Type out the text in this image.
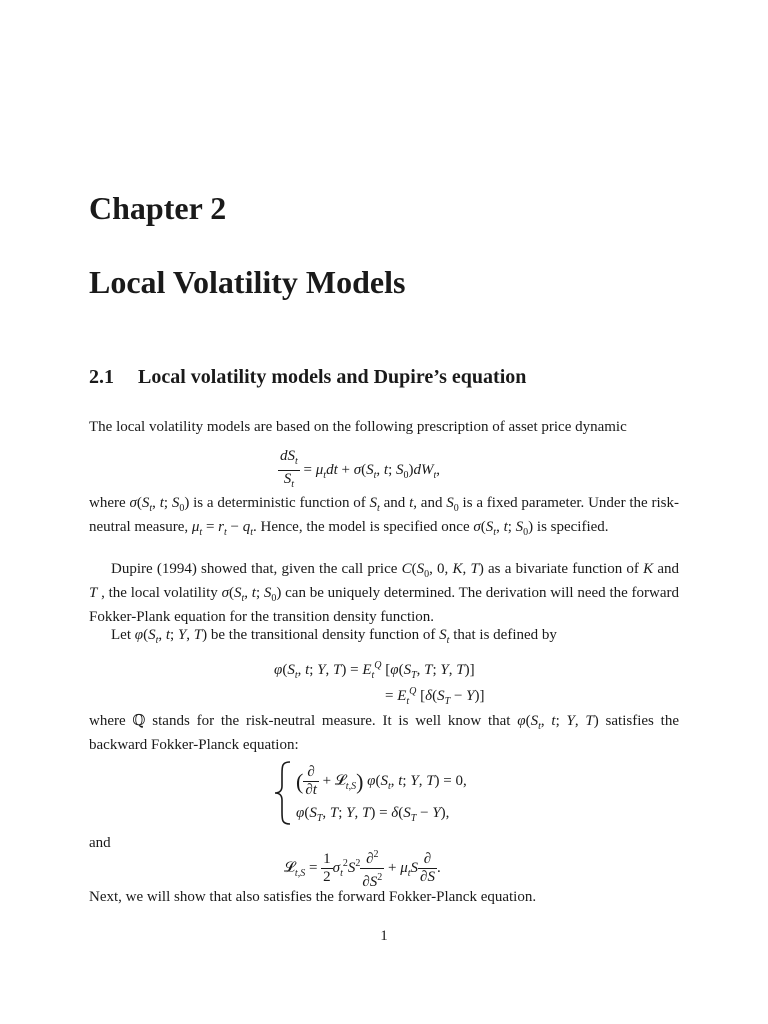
Chapter 2
Local Volatility Models
2.1 Local volatility models and Dupire’s equation

The local volatility models are based on the following prescription of asset price dynamic

$\frac{dS_t}{S_t} = \mu_tdt + \sigma(S_t$, t; $S_0)dW_t$,

where $\sigma(S_t$, t; $S_0$) is a deterministic function of $S_t$ and t, and $S_0$ is a fixed parameter. Under the risk-neutral measure, $\mu_t = r_t - q_t$. Hence, the model is specified once $\sigma(S_t$, t; $S_0$) is specified.

Dupire (1994) showed that, given the call price $C(S_0$, 0, K, T) as a bivariate function of K and T , the local volatility $\sigma(S_t$, t; $S_0$) can be uniquely determined. The derivation will need the forward Fokker-Plank equation for the transition density function.

Let $\varphi(S_t$, t; Y, T) be the transitional density function of $S_t$ that is defined by

$\varphi(S_t$, t; Y, $T) = E_t^Q$ [$\varphi(S_T$, T; Y, T)]
= $E_t^Q$ $[\delta(S_T - Y)]$

where ℚ stands for the risk-neutral measure. It is well know that $\varphi(S_t$, t; Y, T) satisfies the backward Fokker-Planck equation:

( $\frac{\partial}{\partial t}$ + 𝓛$_{t,S}$) $\varphi(S_t$, t; Y, T) = 0,
$\varphi(S_T$, T; Y, $T) = \delta(S_T - Y)$,

and

𝓛$_{t,S}$ = $\frac{1}{2} \sigma_t^2S^2 \frac{\partial^2}{\partial S^2} + \mu_tS \frac{\partial}{\partial S}$ .

Next, we will show that also satisfies the forward Fokker-Planck equation.

1
